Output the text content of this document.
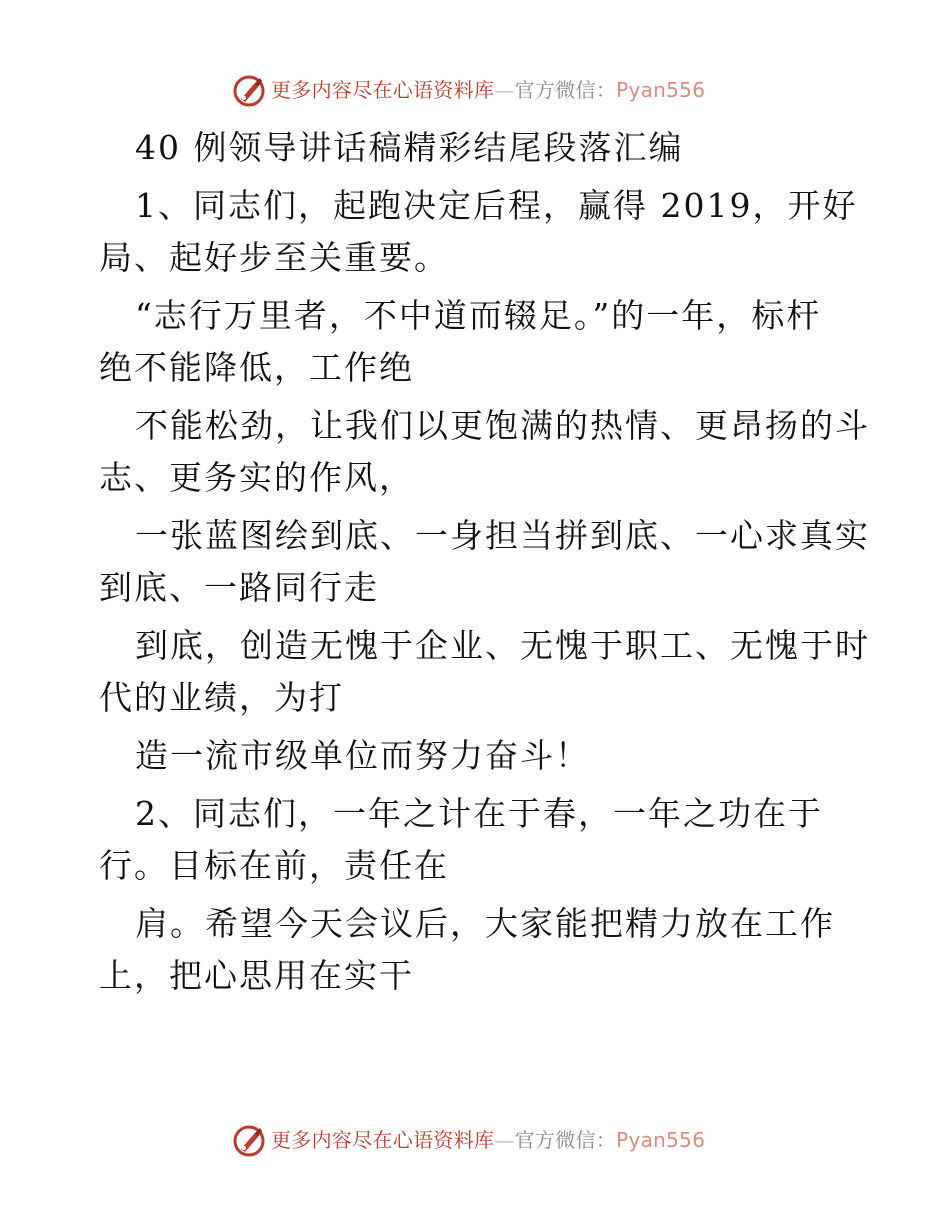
更多内容尽在心语资料库—官方微信：Pyan556
40 例领导讲话稿精彩结尾段落汇编
1、同志们，起跑决定后程，赢得 2019，开好
局、起好步至关重要。
“志行万里者，不中道而辍足。”的一年，标杆
绝不能降低，工作绝
不能松劲，让我们以更饱满的热情、更昂扬的斗
志、更务实的作风，
一张蓝图绘到底、一身担当拼到底、一心求真实
到底、一路同行走
到底，创造无愧于企业、无愧于职工、无愧于时
代的业绩，为打
造一流市级单位而努力奋斗！
2、同志们，一年之计在于春，一年之功在于
行。目标在前，责任在
肩。希望今天会议后，大家能把精力放在工作
上，把心思用在实干
更多内容尽在心语资料库—官方微信：Pyan556
